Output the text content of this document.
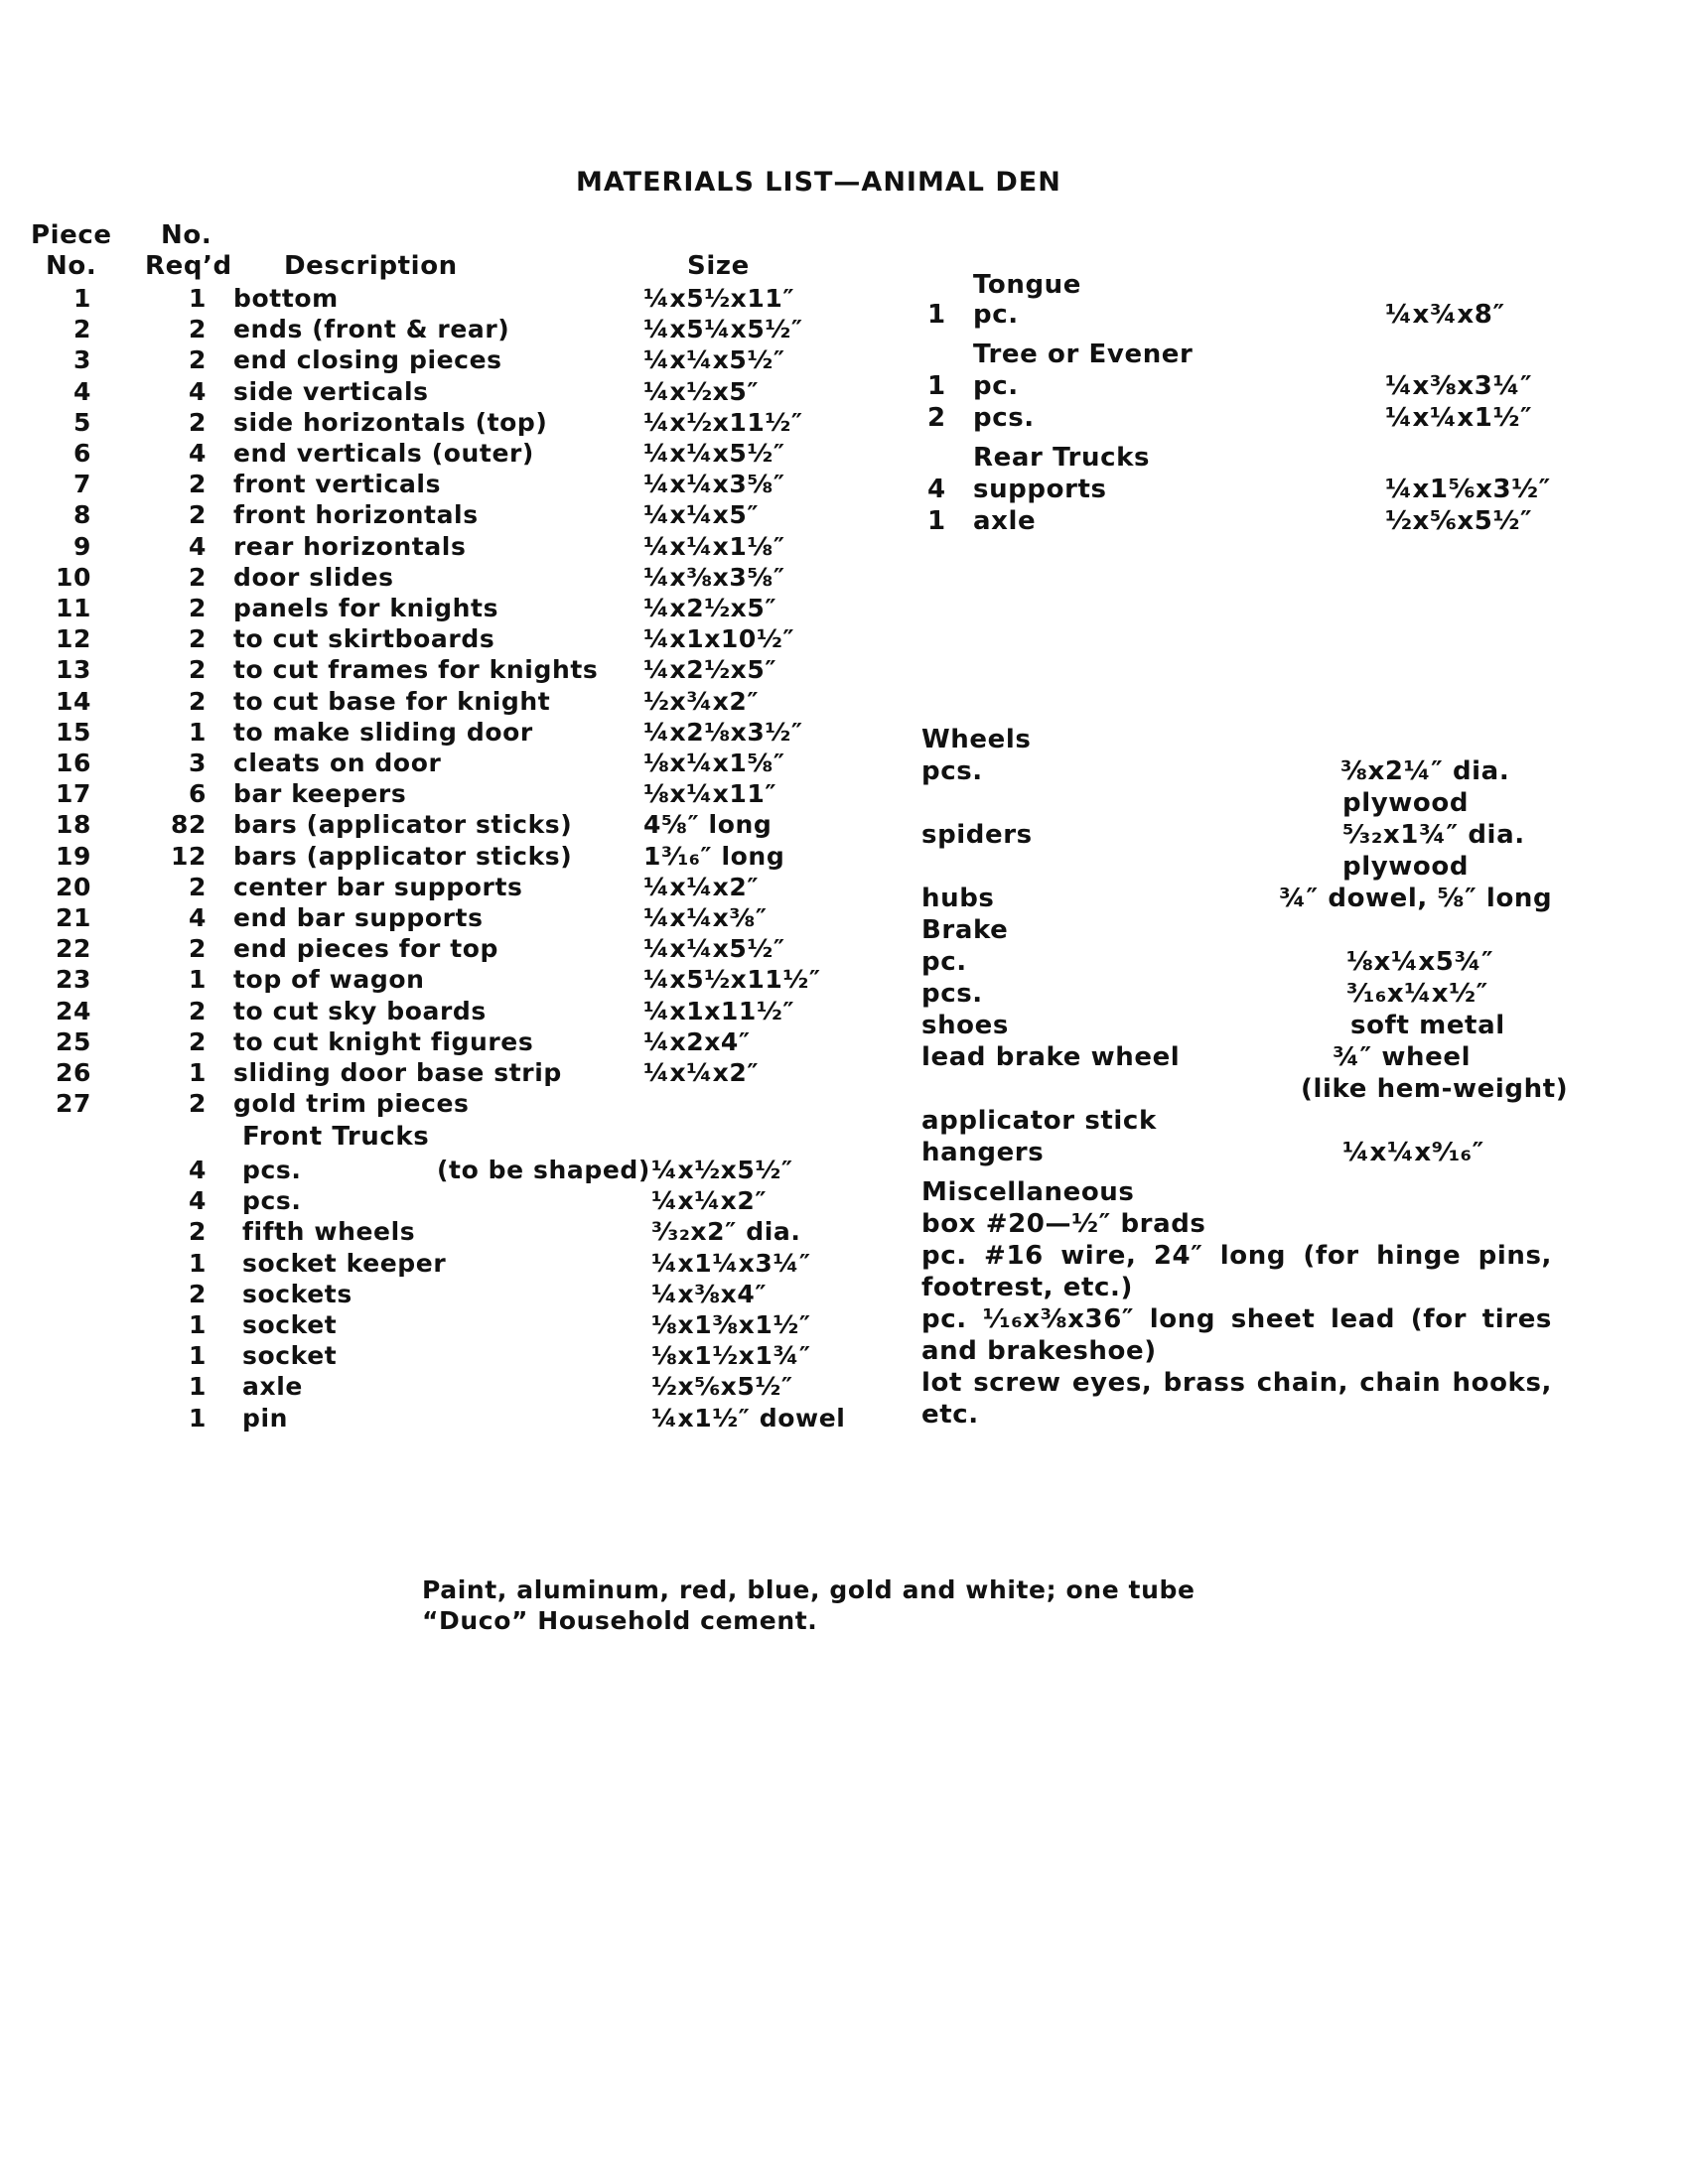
MATERIALS LIST—ANIMAL DEN
Piece
No.
No.
Req’d Description	Size
1	1 bottom	¼x5½x11″
2	2 ends (front & rear)	¼x5¼x5½″
3	2 end closing pieces	¼x¼x5½″
4	4 side verticals	¼x½x5″
5	2 side horizontals (top)	¼x½x11½″
6	4 end verticals (outer)	¼x¼x5½″
7	2 front verticals	¼x¼x3⅝″
8	2 front horizontals	¼x¼x5″
9	4 rear horizontals	¼x¼x1⅛″
10	2 door slides	¼x⅜x3⅝″
11	2 panels for knights	¼x2½x5″
12	2 to cut skirtboards	¼x1x10½″
13	2 to cut frames for knights ¼x2½x5″
14	2 to cut base for knight	½x¾x2″
15	1 to make sliding door	¼x2⅛x3½″
16	3 cleats on door	⅛x¼x1⅝″
17	6 bar keepers	⅛x¼x11″
18	82 bars (applicator sticks)	4⅝″ long
19	12 bars (applicator sticks)	1³⁄₁₆″ long
20	2 center bar supports	¼x¼x2″
21	4 end bar supports	¼x¼x⅜″
22	2 end pieces for top	¼x¼x5½″
23	1 top of wagon	¼x5½x11½″
24	2 to cut sky boards	¼x1x11½″
25	2 to cut knight figures	¼x2x4″
26	1 sliding door base strip	¼x¼x2″
27	2 gold trim pieces
Front Trucks
(to be shaped)
4 pcs.	¼x½x5½″
4 pcs.	¼x¼x2″
2 fifth wheels	³⁄₃₂x2″ dia.
1 socket keeper	¼x1¼x3¼″
2 sockets	¼x⅜x4″
1 socket	⅛x1⅜x1½″
1 socket	⅛x1½x1¾″
1 axle	½x⅚x5½″
1 pin	¼x1½″ dowel
Tongue
1 pc.	¼x¾x8″
Tree or Evener
1 pc.	¼x⅜x3¼″
2 pcs.	¼x¼x1½″
Rear Trucks
4 supports	¼x1⅚x3½″
1 axle	½x⅚x5½″
Wheels
pcs.	⅜x2¼″ dia.
plywood
spiders	⁵⁄₃₂x1¾″ dia.
plywood
hubs	¾″ dowel, ⅝″ long
Brake
pc.	⅛x¼x5¾″
pcs.	³⁄₁₆x¼x½″
shoes	soft metal
lead brake wheel	¾″ wheel
(like hem-weight)
applicator stick
hangers	¼x¼x⁹⁄₁₆″
Miscellaneous
box #20—½″ brads
pc. #16 wire, 24″ long (for hinge pins,
footrest, etc.)
pc. ¹⁄₁₆x⅜x36″ long sheet lead (for tires
and brakeshoe)
lot screw eyes, brass chain, chain hooks,
etc.
Paint, aluminum, red, blue, gold and white; one tube
“Duco” Household cement.
